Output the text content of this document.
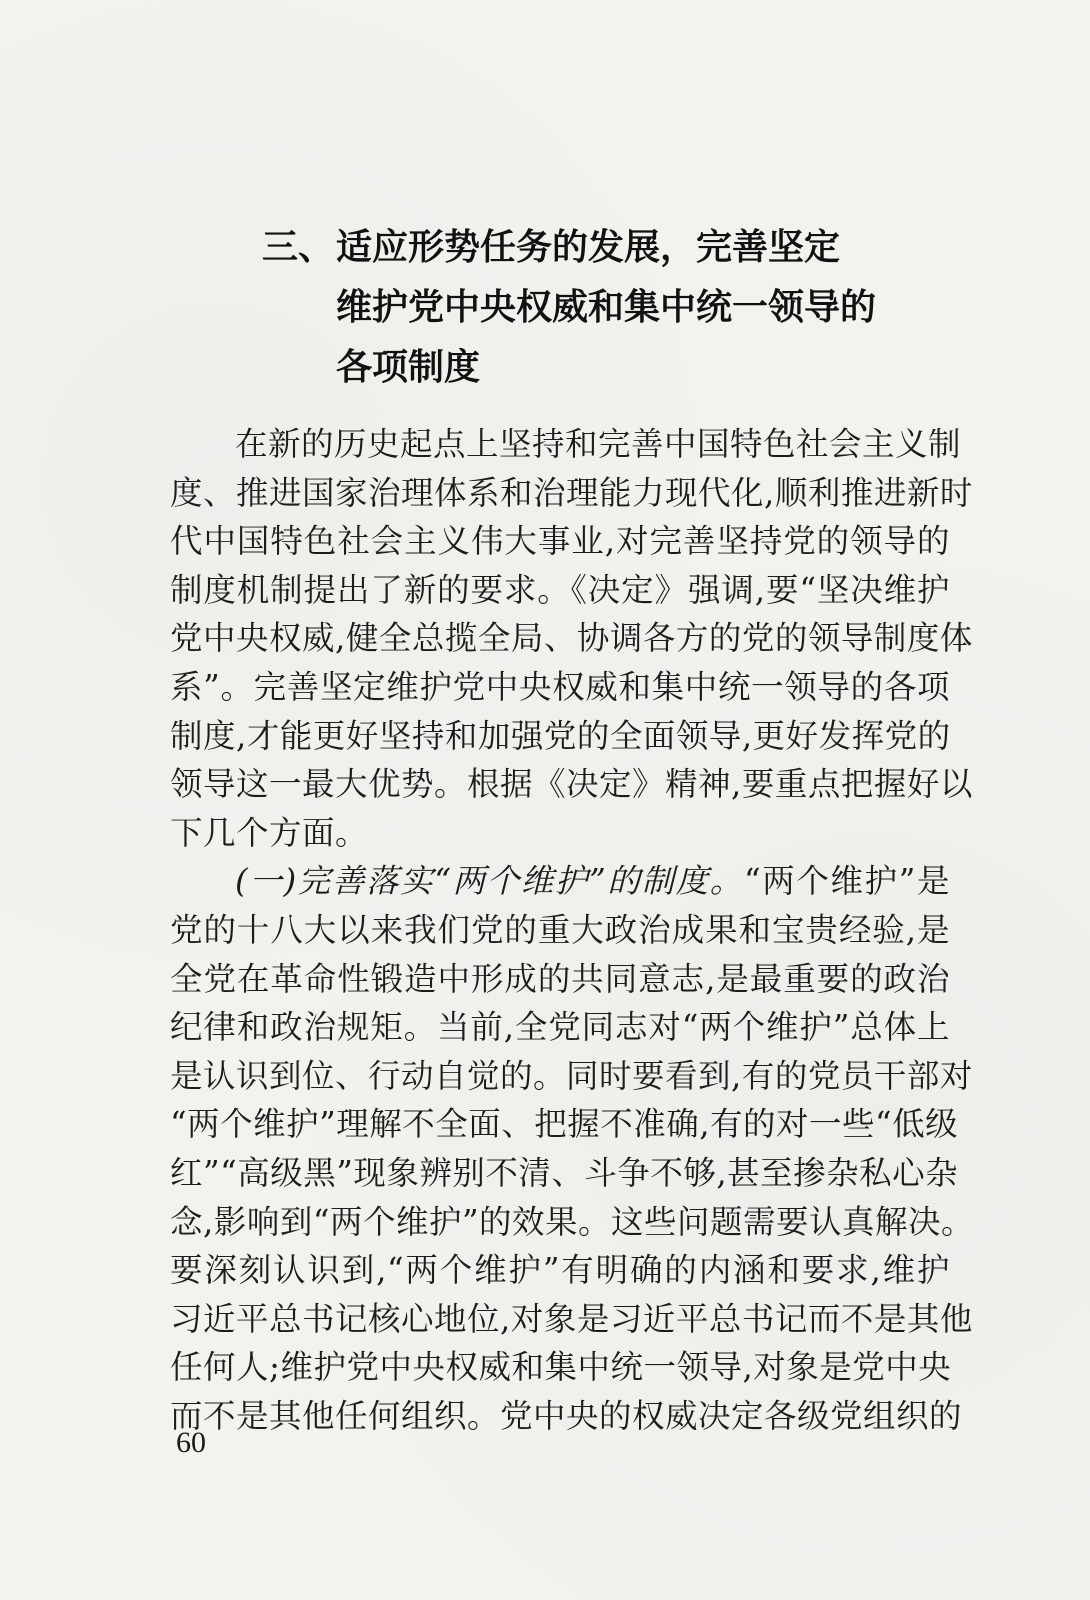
三、适应形势任务的发展，完善坚定
维护党中央权威和集中统一领导的
各项制度
在新的历史起点上坚持和完善中国特色社会主义制
度、推进国家治理体系和治理能力现代化,顺利推进新时
代中国特色社会主义伟大事业,对完善坚持党的领导的
制度机制提出了新的要求。《决定》强调,要“坚决维护
党中央权威,健全总揽全局、协调各方的党的领导制度体
系”。完善坚定维护党中央权威和集中统一领导的各项
制度,才能更好坚持和加强党的全面领导,更好发挥党的
领导这一最大优势。根据《决定》精神,要重点把握好以
下几个方面。
(一)完善落实“两个维护”的制度。“两个维护”是
党的十八大以来我们党的重大政治成果和宝贵经验,是
全党在革命性锻造中形成的共同意志,是最重要的政治
纪律和政治规矩。当前,全党同志对“两个维护”总体上
是认识到位、行动自觉的。同时要看到,有的党员干部对
“两个维护”理解不全面、把握不准确,有的对一些“低级
红”“高级黑”现象辨别不清、斗争不够,甚至掺杂私心杂
念,影响到“两个维护”的效果。这些问题需要认真解决。
要深刻认识到,“两个维护”有明确的内涵和要求,维护
习近平总书记核心地位,对象是习近平总书记而不是其他
任何人;维护党中央权威和集中统一领导,对象是党中央
而不是其他任何组织。党中央的权威决定各级党组织的
60
